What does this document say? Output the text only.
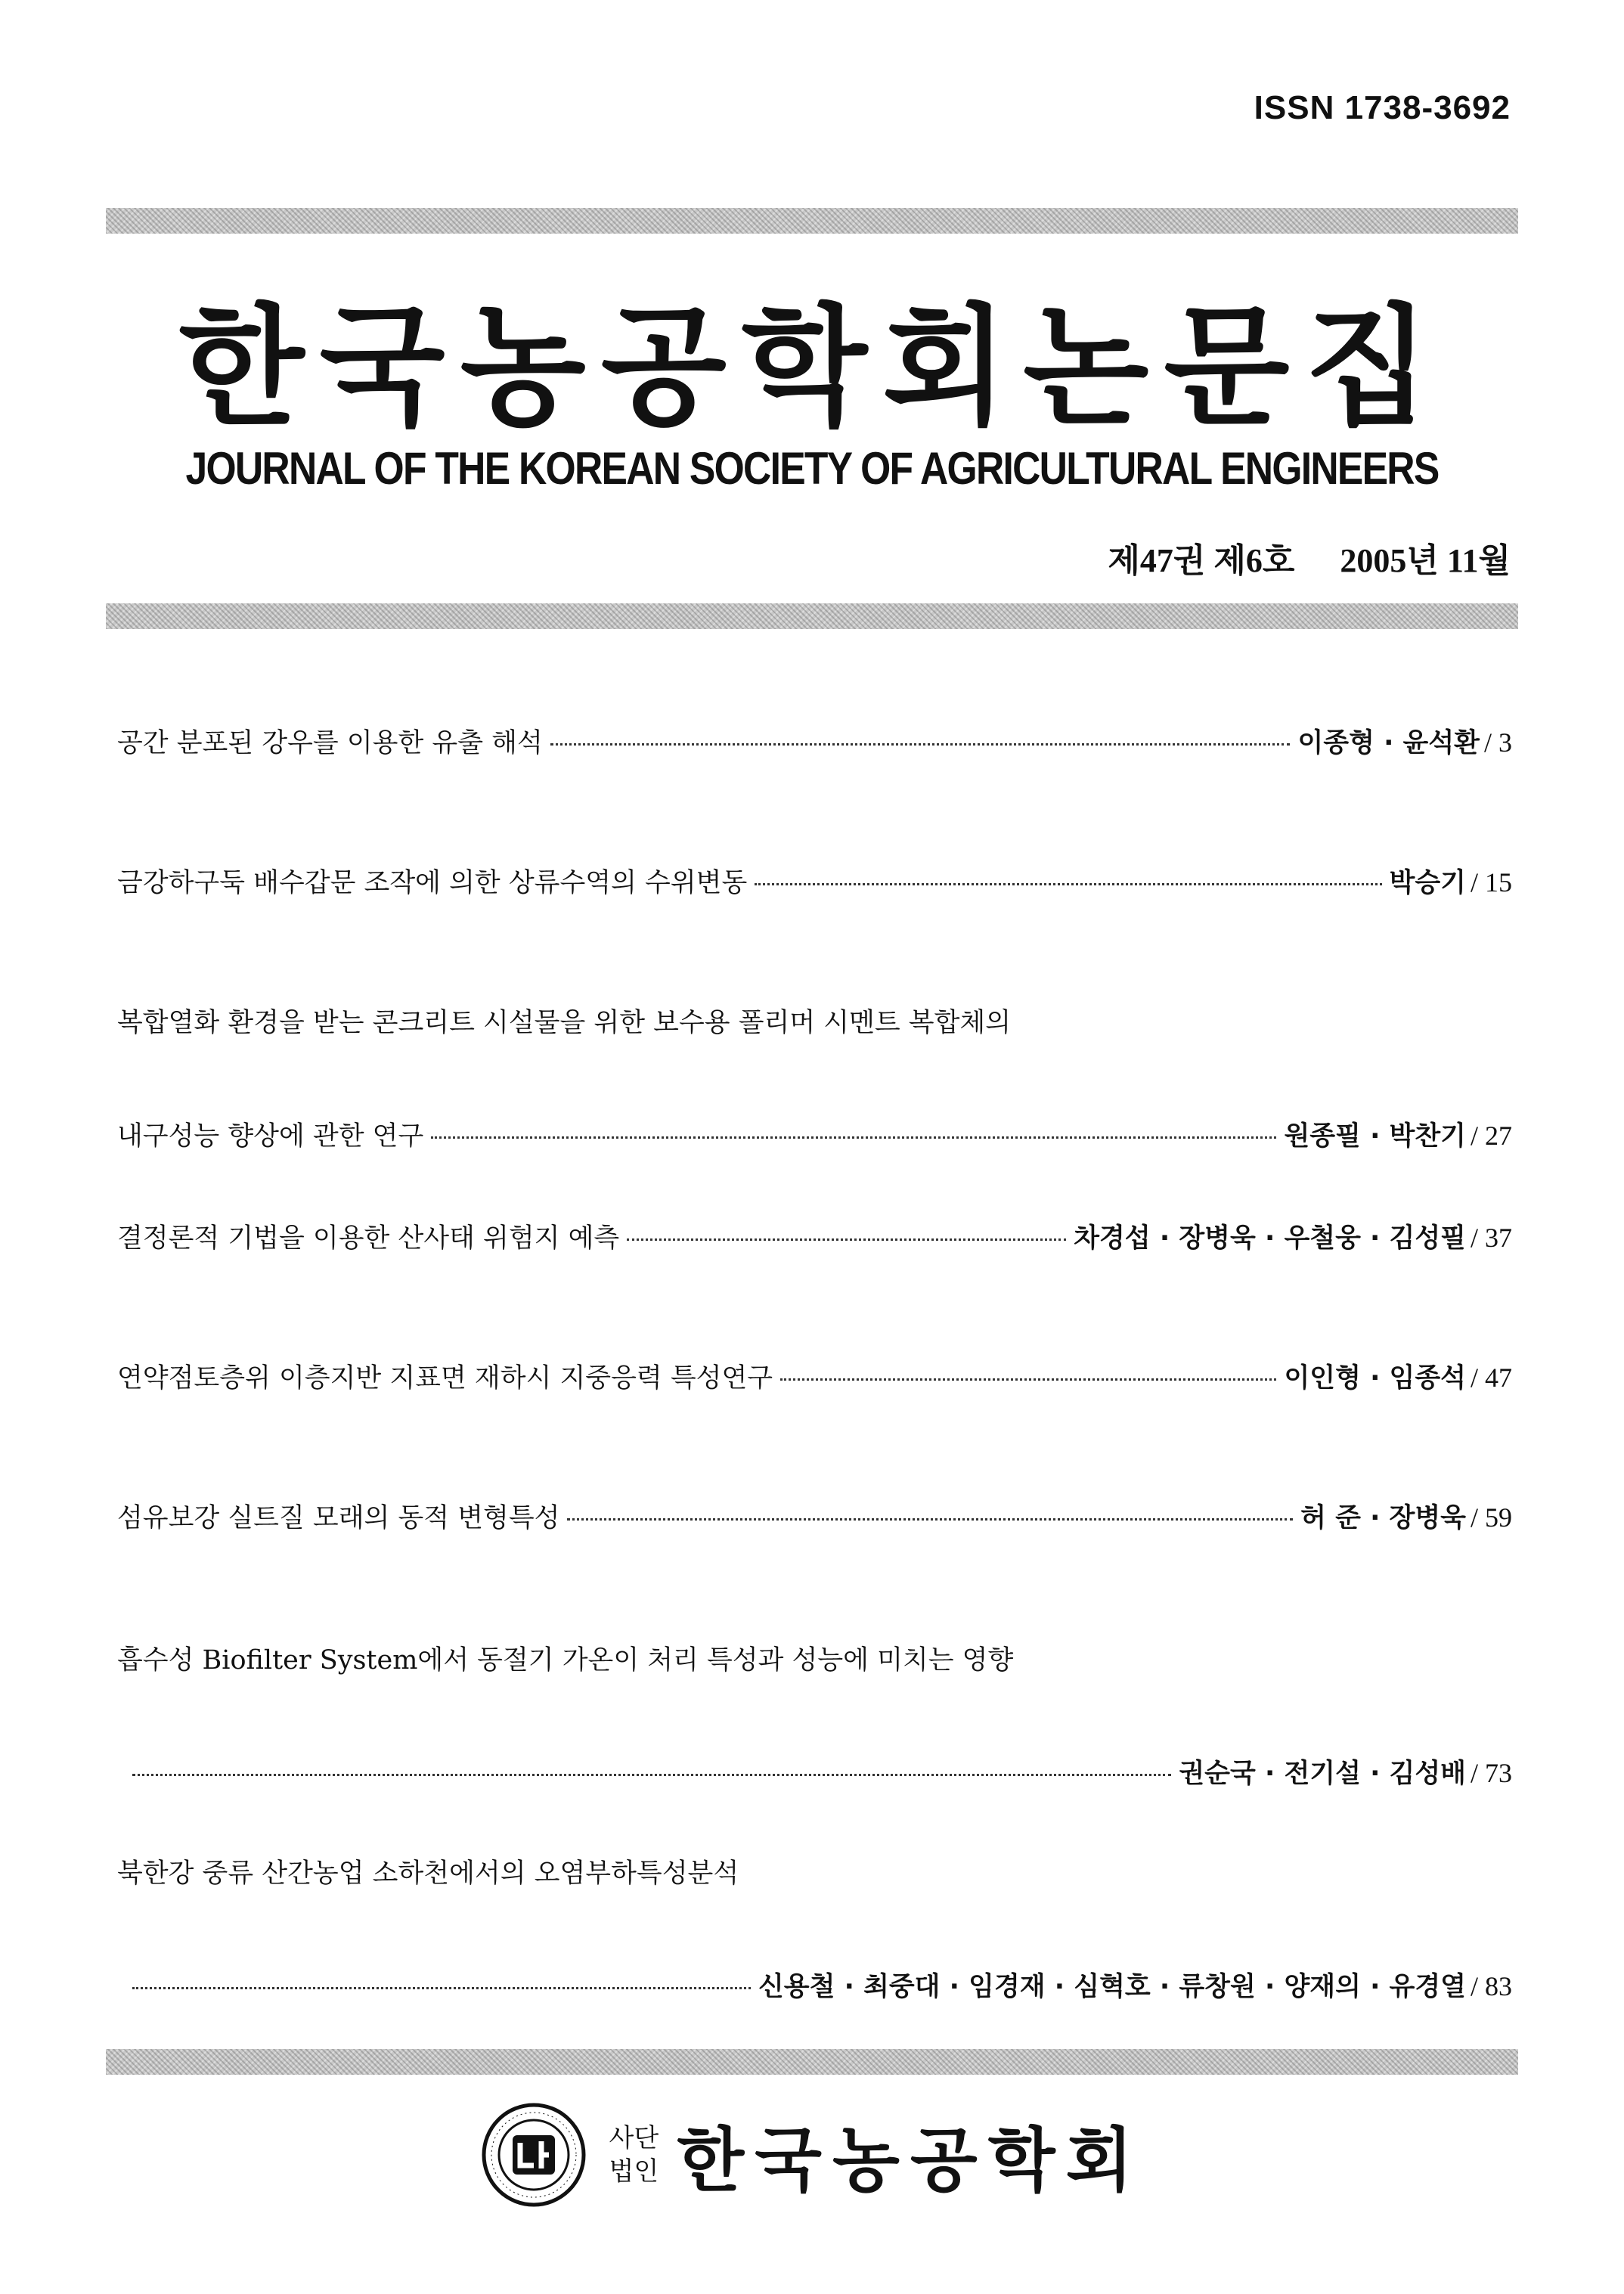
ISSN 1738-3692
한국농공학회논문집
JOURNAL OF THE KOREAN SOCIETY OF AGRICULTURAL ENGINEERS
제47권 제6호 2005년 11월
공간 분포된 강우를 이용한 유출 해석	이종형 · 윤석환 / 3
금강하구둑 배수갑문 조작에 의한 상류수역의 수위변동	박승기 / 15
복합열화 환경을 받는 콘크리트 시설물을 위한 보수용 폴리머 시멘트 복합체의
내구성능 향상에 관한 연구	원종필 · 박찬기 / 27
결정론적 기법을 이용한 산사태 위험지 예측	차경섭 · 장병욱 · 우철웅 · 김성필 / 37
연약점토층위 이층지반 지표면 재하시 지중응력 특성연구	이인형 · 임종석 / 47
섬유보강 실트질 모래의 동적 변형특성	허 준 · 장병욱 / 59
흡수성 Biofilter System에서 동절기 가온이 처리 특성과 성능에 미치는 영향
권순국 · 전기설 · 김성배 / 73
북한강 중류 산간농업 소하천에서의 오염부하특성분석
신용철 · 최중대 · 임경재 · 심혁호 · 류창원 · 양재의 · 유경열 / 83
사단
법인 한국농공학회
